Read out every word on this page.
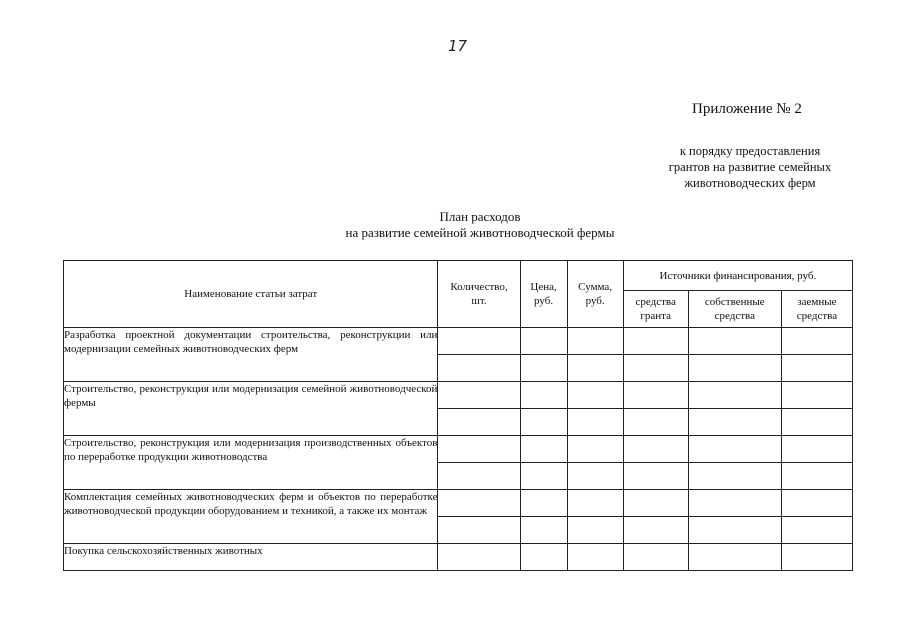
17
Приложение № 2
к порядку предоставления
грантов на развитие семейных
животноводческих ферм
План расходов
на развитие семейной животноводческой фермы
Наименование статьи затрат	Количество, шт.	Цена, руб.	Сумма, руб.	Источники финансирования, руб.		
				средства гранта	собственные средства	заемные средства
Разработка проектной документации строительства, реконструкции или модернизации семейных животноводческих ферм						

Строительство, реконструкция или модернизация семейной животноводческой фермы						

Строительство, реконструкция или модернизация производственных объектов по переработке продукции животноводства						

Комплектация семейных животноводческих ферм и объектов по переработке животноводческой продукции оборудованием и техникой, а также их монтаж						

Покупка сельскохозяйственных животных						
